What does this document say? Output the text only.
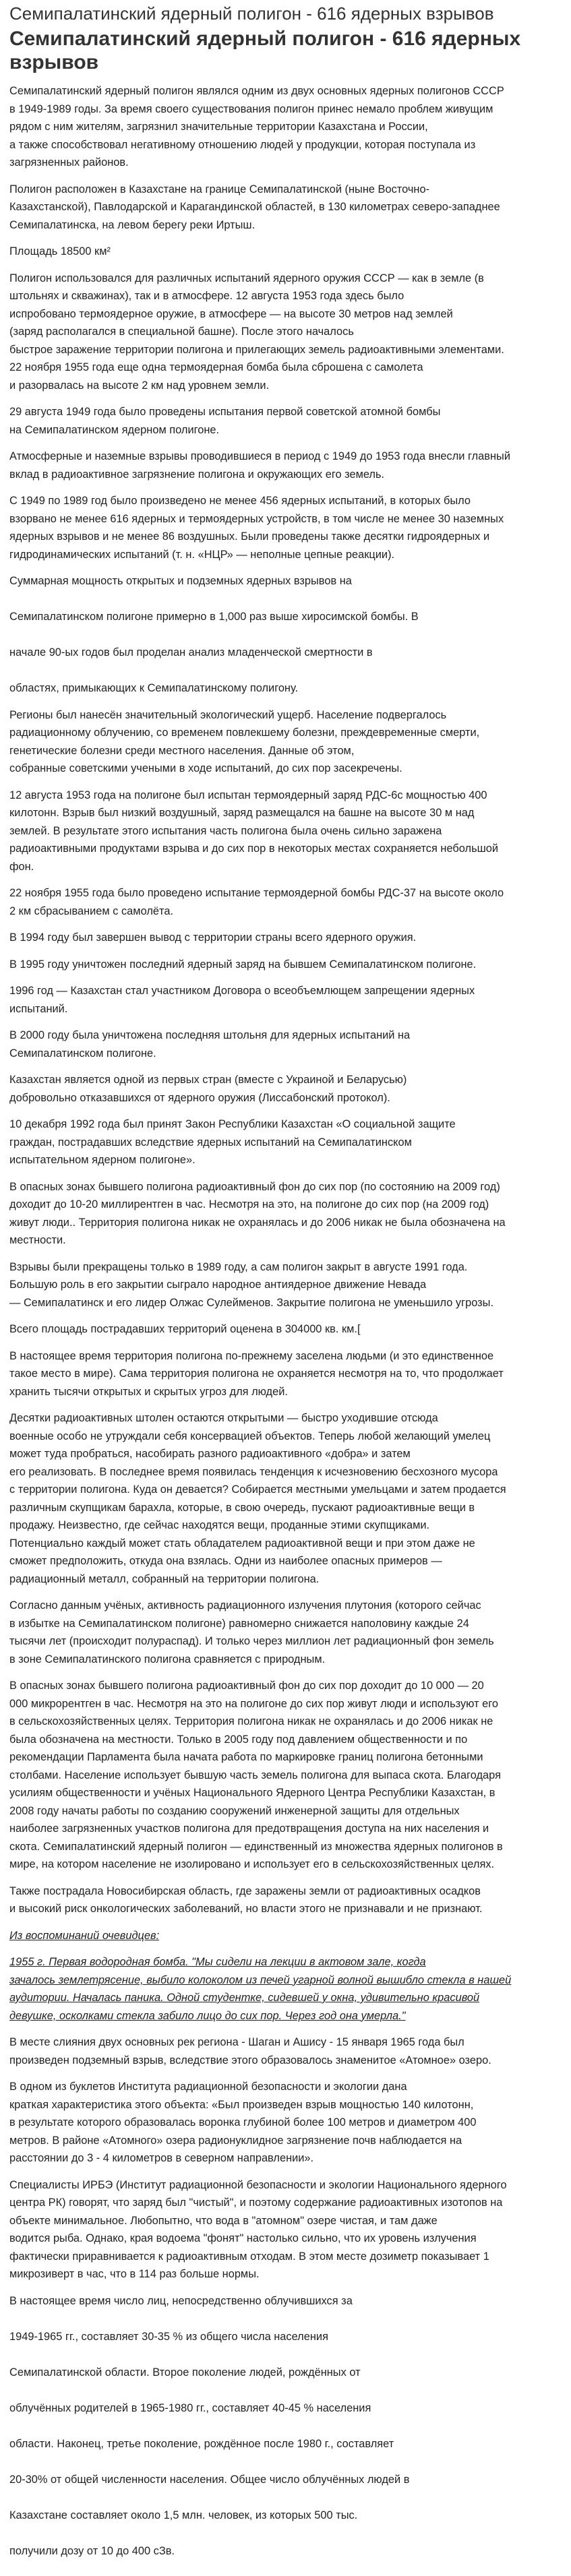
Семипалатинский ядерный полигон - 616 ядерных взрывов
Семипалатинский ядерный полигон - 616 ядерных взрывов

Семипалатинский ядерный полигон являлся одним из двух основных ядерных полигонов СССР
в 1949-1989 годы. За время своего существования полигон принес немало проблем живущим
рядом с ним жителям, загрязнил значительные территории Казахстана и России,
а также способствовал негативному отношению людей у продукции, которая поступала из
загрязненных районов.

Полигон расположен в Казахстане на границе Семипалатинской (ныне Восточно-
Казахстанской), Павлодарской и Карагандинской областей, в 130 километрах северо-западнее
Семипалатинска, на левом берегу реки Иртыш.

Площадь 18500 км²

Полигон использовался для различных испытаний ядерного оружия СССР — как в земле (в
штольнях и скважинах), так и в атмосфере. 12 августа 1953 года здесь было
испробовано термоядерное оружие, в атмосфере — на высоте 30 метров над землей
(заряд располагался в специальной башне). После этого началось
быстрое заражение территории полигона и прилегающих земель радиоактивными элементами.
22 ноября 1955 года еще одна термоядерная бомба была сброшена с самолета
и разорвалась на высоте 2 км над уровнем земли.

29 августа 1949 года было проведены испытания первой советской атомной бомбы
на Семипалатинском ядерном полигоне.

Атмосферные и наземные взрывы проводившиеся в период с 1949 до 1953 года внесли главный
вклад в радиоактивное загрязнение полигона и окружающих его земель.

С 1949 по 1989 год было произведено не менее 456 ядерных испытаний, в которых было
взорвано не менее 616 ядерных и термоядерных устройств, в том числе не менее 30 наземных
ядерных взрывов и не менее 86 воздушных. Были проведены также десятки гидроядерных и
гидродинамических испытаний (т. н. «НЦР» — неполные цепные реакции).

Суммарная мощность открытых и подземных ядерных взрывов на

Семипалатинском полигоне примерно в 1,000 раз выше хиросимской бомбы. В

начале 90-ых годов был проделан анализ младенческой смертности в

областях, примыкающих к Семипалатинскому полигону.

Регионы был нанесён значительный экологический ущерб. Население подвергалось
радиационному облучению, со временем повлекшему болезни, преждевременные смерти,
генетические болезни среди местного населения. Данные об этом,
собранные советскими учеными в ходе испытаний, до сих пор засекречены.

12 августа 1953 года на полигоне был испытан термоядерный заряд РДС-6с мощностью 400
килотонн. Взрыв был низкий воздушный, заряд размещался на башне на высоте 30 м над
землей. В результате этого испытания часть полигона была очень сильно заражена
радиоактивными продуктами взрыва и до сих пор в некоторых местах сохраняется небольшой
фон.

22 ноября 1955 года было проведено испытание термоядерной бомбы РДС-37 на высоте около
2 км сбрасыванием с самолёта.

В 1994 году был завершен вывод с территории страны всего ядерного оружия.

В 1995 году уничтожен последний ядерный заряд на бывшем Семипалатинском полигоне.

1996 год — Казахстан стал участником Договора о всеобъемлющем запрещении ядерных
испытаний.

В 2000 году была уничтожена последняя штольня для ядерных испытаний на
Семипалатинском полигоне.

Казахстан является одной из первых стран (вместе с Украиной и Беларусью)
добровольно отказавшихся от ядерного оружия (Лиссабонский протокол).

10 декабря 1992 года был принят Закон Республики Казахстан «О социальной защите
граждан, пострадавших вследствие ядерных испытаний на Семипалатинском
испытательном ядерном полигоне».

В опасных зонах бывшего полигона радиоактивный фон до сих пор (по состоянию на 2009 год)
доходит до 10-20 миллирентген в час. Несмотря на это, на полигоне до сих пор (на 2009 год)
живут люди.. Территория полигона никак не охранялась и до 2006 никак не была обозначена на
местности.

Взрывы были прекращены только в 1989 году, а сам полигон закрыт в августе 1991 года.
Большую роль в его закрытии сыграло народное антиядерное движение Невада
— Семипалатинск и его лидер Олжас Сулейменов. Закрытие полигона не уменьшило угрозы.

Всего площадь пострадавших территорий оценена в 304000 кв. км.[

В настоящее время территория полигона по-прежнему заселена людьми (и это единственное
такое место в мире). Сама территория полигона не охраняется несмотря на то, что продолжает
хранить тысячи открытых и скрытых угроз для людей.

Десятки радиоактивных штолен остаются открытыми — быстро уходившие отсюда
военные особо не утруждали себя консервацией объектов. Теперь любой желающий умелец
может туда пробраться, насобирать разного радиоактивного «добра» и затем
его реализовать. В последнее время появилась тенденция к исчезновению бесхозного мусора
с территории полигона. Куда он девается? Собирается местными умельцами и затем продается
различным скупщикам барахла, которые, в свою очередь, пускают радиоактивные вещи в
продажу. Неизвестно, где сейчас находятся вещи, проданные этими скупщиками.
Потенциально каждый может стать обладателем радиоактивной вещи и при этом даже не
сможет предположить, откуда она взялась. Одни из наиболее опасных примеров —
радиационный металл, собранный на территории полигона.

Согласно данным учёных, активность радиационного излучения плутония (которого сейчас
в избытке на Семипалатинском полигоне) равномерно снижается наполовину каждые 24
тысячи лет (происходит полураспад). И только через миллион лет радиационный фон земель
в зоне Семипалатинского полигона сравняется с природным.

В опасных зонах бывшего полигона радиоактивный фон до сих пор доходит до 10 000 — 20
000 микрорентген в час. Несмотря на это на полигоне до сих пор живут люди и используют его
в сельскохозяйственных целях. Территория полигона никак не охранялась и до 2006 никак не
была обозначена на местности. Только в 2005 году под давлением общественности и по
рекомендации Парламента была начата работа по маркировке границ полигона бетонными
столбами. Население использует бывшую часть земель полигона для выпаса скота. Благодаря
усилиям общественности и учёных Национального Ядерного Центра Республики Казахстан, в
2008 году начаты работы по созданию сооружений инженерной защиты для отдельных
наиболее загрязненных участков полигона для предотвращения доступа на них населения и
скота. Семипалатинский ядерный полигон — единственный из множества ядерных полигонов в
мире, на котором население не изолировано и использует его в сельскохозяйственных целях.

Также пострадала Новосибирская область, где заражены земли от радиоактивных осадков
и высокий риск онкологических заболеваний, но власти этого не признавали и не признают.

Из воспоминаний очевидцев:

1955 г. Первая водородная бомба. "Мы сидели на лекции в актовом зале, когда
зачалось землетрясение, выбило колоколом из печей угарной волной вышибло стекла в нашей
аудитории. Началась паника. Одной студентке, сидевшей у окна, удивительно красивой
девушке, осколками стекла забило лицо до сих пор. Через год она умерла."

В месте слияния двух основных рек региона - Шаган и Ашису - 15 января 1965 года был
произведен подземный взрыв, вследствие этого образовалось знаменитое «Атомное» озеро.

В одном из буклетов Института радиационной безопасности и экологии дана
краткая характеристика этого объекта: «Был произведен взрыв мощностью 140 килотонн,
в результате которого образовалась воронка глубиной более 100 метров и диаметром 400
метров. В районе «Атомного» озера радионуклидное загрязнение почв наблюдается на
расстоянии до 3 - 4 километров в северном направлении».

Специалисты ИРБЭ (Институт радиационной безопасности и экологии Национального ядерного
центра РК) говорят, что заряд был "чистый", и поэтому содержание радиоактивных изотопов на
объекте минимальное. Любопытно, что вода в "атомном" озере чистая, и там даже
водится рыба. Однако, края водоема "фонят" настолько сильно, что их уровень излучения
фактически приравнивается к радиоактивным отходам. В этом месте дозиметр показывает 1
микрозиверт в час, что в 114 раз больше нормы.

В настоящее время число лиц, непосредственно облучившихся за

1949-1965 гг., составляет 30-35 % из общего числа населения

Семипалатинской области. Второе поколение людей, рождённых от

облучённых родителей в 1965-1980 гг., составляет 40-45 % населения

области. Наконец, третье поколение, рождённое после 1980 г., составляет

20-30% от общей численности населения. Общее число облучённых людей в

Казахстане составляет около 1,5 млн. человек, из которых 500 тыс.

получили дозу от 10 до 400 сЗв.
